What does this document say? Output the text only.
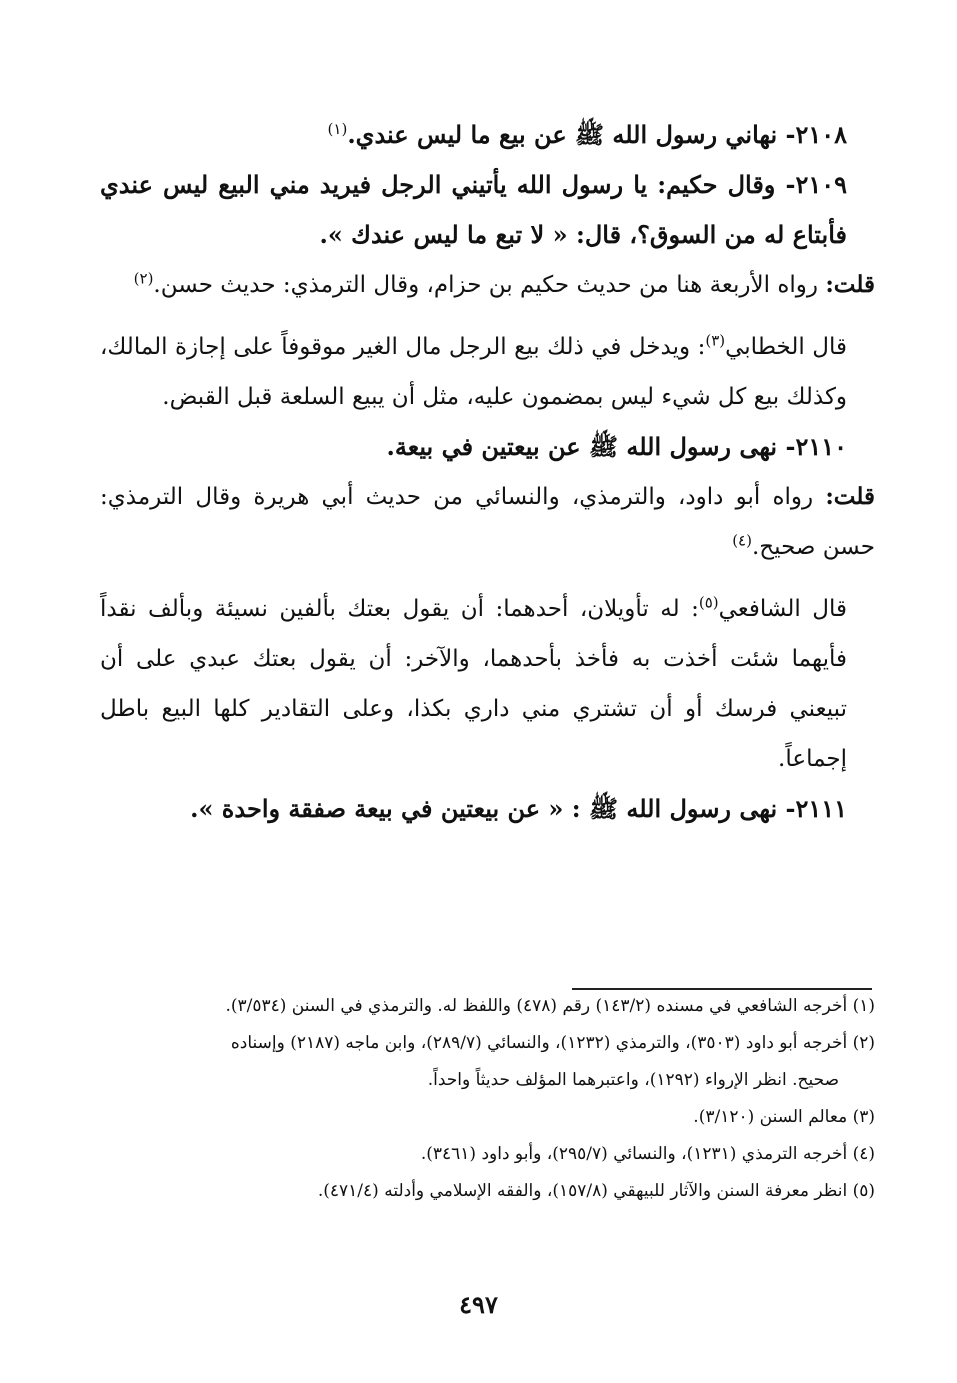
٢١٠٨- نهاني رسول الله ﷺ عن بيع ما ليس عندي.$^{(١)}$

٢١٠٩- وقال حكيم: يا رسول الله يأتيني الرجل فيريد مني البيع ليس عندي فأبتاع له من السوق؟، قال: « لا تبع ما ليس عندك ».

قلت: رواه الأربعة هنا من حديث حكيم بن حزام، وقال الترمذي: حديث حسن.$^{(٢)}$

قال الخطابي$^{(٣)}$: ويدخل في ذلك بيع الرجل مال الغير موقوفاً على إجازة المالك، وكذلك بيع كل شيء ليس بمضمون عليه، مثل أن يبيع السلعة قبل القبض.

٢١١٠- نهى رسول الله ﷺ عن بيعتين في بيعة.

قلت: رواه أبو داود، والترمذي، والنسائي من حديث أبي هريرة وقال الترمذي: حسن صحيح.$^{(٤)}$

قال الشافعي$^{(٥)}$: له تأويلان، أحدهما: أن يقول بعتك بألفين نسيئة وبألف نقداً فأيهما شئت أخذت به فأخذ بأحدهما، والآخر: أن يقول بعتك عبدي على أن تبيعني فرسك أو أن تشتري مني داري بكذا، وعلى التقادير كلها البيع باطل إجماعاً.

٢١١١- نهى رسول الله ﷺ : « عن بيعتين في بيعة صفقة واحدة ».

(١) أخرجه الشافعي في مسنده (١٤٣/٢) رقم (٤٧٨) واللفظ له. والترمذي في السنن (٣/٥٣٤).

(٢) أخرجه أبو داود (٣٥٠٣)، والترمذي (١٢٣٢)، والنسائي (٢٨٩/٧)، وابن ماجه (٢١٨٧) وإسناده

صحيح. انظر الإرواء (١٢٩٢)، واعتبرهما المؤلف حديثاً واحداً.

(٣) معالم السنن (٣/١٢٠).

(٤) أخرجه الترمذي (١٢٣١)، والنسائي (٢٩٥/٧)، وأبو داود (٣٤٦١).

(٥) انظر معرفة السنن والآثار للبيهقي (١٥٧/٨)، والفقه الإسلامي وأدلته (٤٧١/٤).

٤٩٧
